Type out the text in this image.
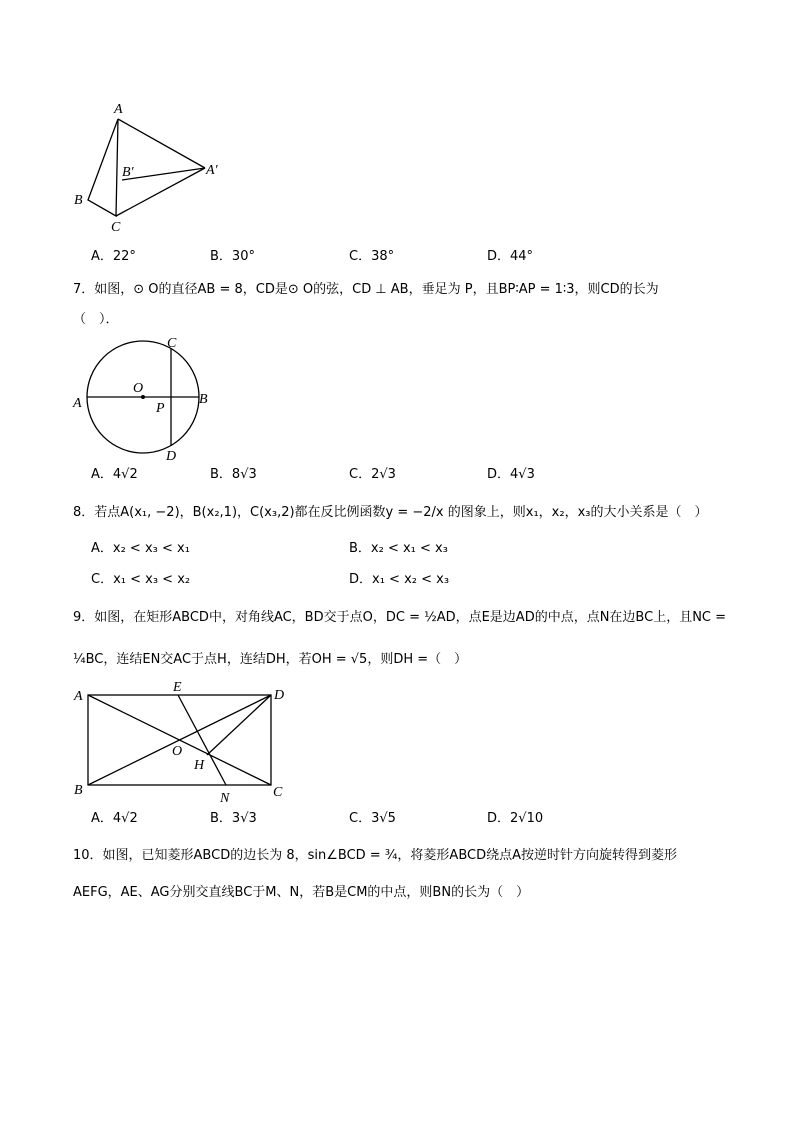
A
B
C
B′	A′
A．22°	B．30°	C．38°	D．44°
7．如图，⊙ O的直径AB = 8，CD是⊙ O的弦，CD ⊥ AB，垂足为 P，且BP∶AP = 1∶3，则CD的长为
（　）．
A	B
C
D
O
P
A．4√2	B．8√3	C．2√3	D．4√3
8．若点A(x₁, −2)，B(x₂,1)，C(x₃,2)都在反比例函数y = −2/x 的图象上，则x₁，x₂，x₃的大小关系是（　）
A．x₂ < x₃ < x₁	B．x₂ < x₁ < x₃
C．x₁ < x₃ < x₂	D．x₁ < x₂ < x₃
9．如图，在矩形ABCD中，对角线AC，BD交于点O，DC = ½AD，点E是边AD的中点，点N在边BC上，且NC =
¼BC，连结EN交AC于点H，连结DH，若OH = √5，则DH =（　）
A
B	C
D
E
O
H
N
A．4√2	B．3√3	C．3√5	D．2√10
10．如图，已知菱形ABCD的边长为 8，sin∠BCD = ¾，将菱形ABCD绕点A按逆时针方向旋转得到菱形
AEFG，AE、AG分别交直线BC于M、N，若B是CM的中点，则BN的长为（　）
